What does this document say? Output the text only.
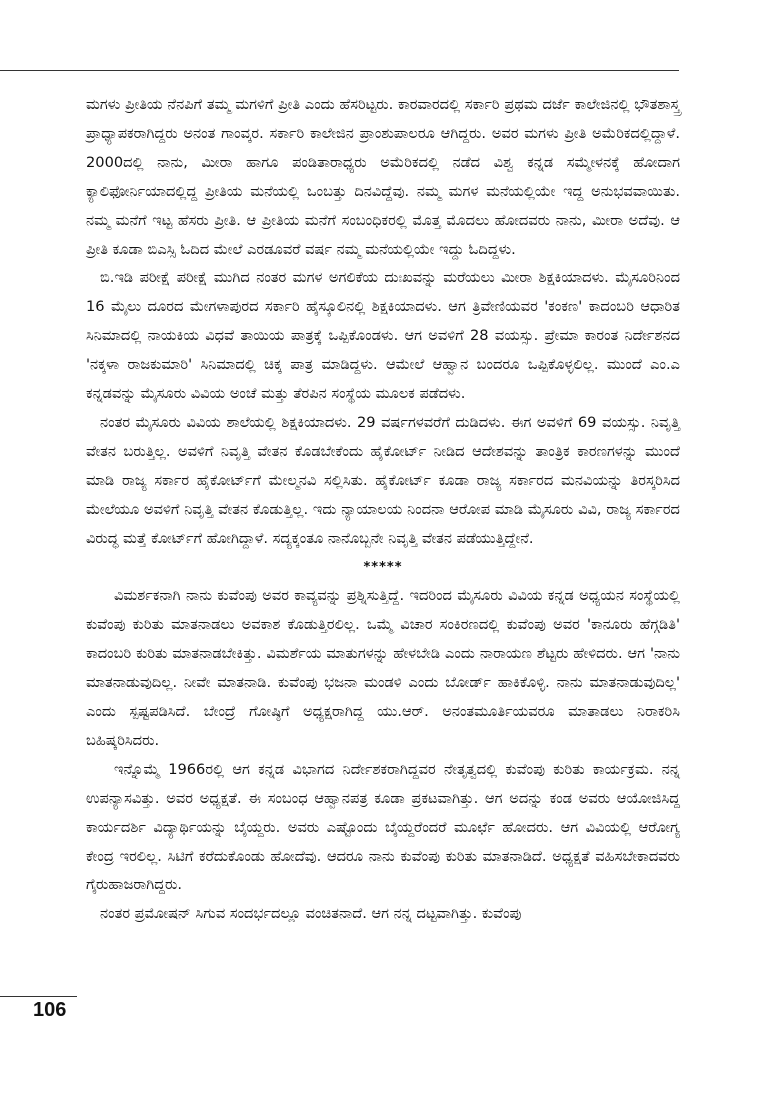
ಮಗಳು ಪ್ರೀತಿಯ ನೆನಪಿಗೆ ತಮ್ಮ ಮಗಳಿಗೆ ಪ್ರೀತಿ ಎಂದು ಹೆಸರಿಟ್ಟರು. ಕಾರವಾರದಲ್ಲಿ ಸರ್ಕಾರಿ ಪ್ರಥಮ ದರ್ಜೆ ಕಾಲೇಜಿನಲ್ಲಿ ಭೌತಶಾಸ್ತ್ರ ಪ್ರಾಧ್ಯಾಪಕರಾಗಿದ್ದರು ಅನಂತ ಗಾಂವ್ಕರ. ಸರ್ಕಾರಿ ಕಾಲೇಜಿನ ಪ್ರಾಂಶುಪಾಲರೂ ಆಗಿದ್ದರು. ಅವರ ಮಗಳು ಪ್ರೀತಿ ಅಮೆರಿಕದಲ್ಲಿದ್ದಾಳೆ. 2000ದಲ್ಲಿ ನಾನು, ಮೀರಾ ಹಾಗೂ ಪಂಡಿತಾರಾಧ್ಯರು ಅಮೆರಿಕದಲ್ಲಿ ನಡೆದ ವಿಶ್ವ ಕನ್ನಡ ಸಮ್ಮೇಳನಕ್ಕೆ ಹೋದಾಗ ಕ್ಯಾಲಿಫೋರ್ನಿಯಾದಲ್ಲಿದ್ದ ಪ್ರೀತಿಯ ಮನೆಯಲ್ಲಿ ಒಂಬತ್ತು ದಿನವಿದ್ದೆವು. ನಮ್ಮ ಮಗಳ ಮನೆಯಲ್ಲಿಯೇ ಇದ್ದ ಅನುಭವವಾಯಿತು. ನಮ್ಮ ಮನೆಗೆ ಇಟ್ಟ ಹೆಸರು ಪ್ರೀತಿ. ಆ ಪ್ರೀತಿಯ ಮನೆಗೆ ಸಂಬಂಧಿಕರಲ್ಲಿ ಮೊತ್ತ ಮೊದಲು ಹೋದವರು ನಾನು, ಮೀರಾ ಅದೆವು. ಆ ಪ್ರೀತಿ ಕೂಡಾ ಬಿಎಸ್ಸಿ ಓದಿದ ಮೇಲೆ ಎರಡೂವರೆ ವರ್ಷ ನಮ್ಮ ಮನೆಯಲ್ಲಿಯೇ ಇದ್ದು ಓದಿದ್ದಳು.

ಬಿ.ಇಡಿ ಪರೀಕ್ಷೆ ಪರೀಕ್ಷೆ ಮುಗಿದ ನಂತರ ಮಗಳ ಅಗಲಿಕೆಯ ದುಃಖವನ್ನು ಮರೆಯಲು ಮೀರಾ ಶಿಕ್ಷಕಿಯಾದಳು. ಮೈಸೂರಿನಿಂದ 16 ಮೈಲು ದೂರದ ಮೇಗಳಾಪುರದ ಸರ್ಕಾರಿ ಹೈಸ್ಕೂಲಿನಲ್ಲಿ ಶಿಕ್ಷಕಿಯಾದಳು. ಆಗ ತ್ರಿವೇಣಿಯವರ 'ಕಂಕಣ' ಕಾದಂಬರಿ ಆಧಾರಿತ ಸಿನಿಮಾದಲ್ಲಿ ನಾಯಕಿಯ ವಿಧವೆ ತಾಯಿಯ ಪಾತ್ರಕ್ಕೆ ಒಪ್ಪಿಕೊಂಡಳು. ಆಗ ಅವಳಿಗೆ 28 ವಯಸ್ಸು. ಪ್ರೇಮಾ ಕಾರಂತ ನಿರ್ದೇಶನದ 'ನಕ್ಕಳಾ ರಾಜಕುಮಾರಿ' ಸಿನಿಮಾದಲ್ಲಿ ಚಿಕ್ಕ ಪಾತ್ರ ಮಾಡಿದ್ದಳು. ಆಮೇಲೆ ಆಹ್ವಾನ ಬಂದರೂ ಒಪ್ಪಿಕೊಳ್ಳಲಿಲ್ಲ. ಮುಂದೆ ಎಂ.ಎ ಕನ್ನಡವನ್ನು ಮೈಸೂರು ವಿವಿಯ ಅಂಚೆ ಮತ್ತು ತೆರಪಿನ ಸಂಸ್ಥೆಯ ಮೂಲಕ ಪಡೆದಳು.

ನಂತರ ಮೈಸೂರು ವಿವಿಯ ಶಾಲೆಯಲ್ಲಿ ಶಿಕ್ಷಕಿಯಾದಳು. 29 ವರ್ಷಗಳವರೆಗೆ ದುಡಿದಳು. ಈಗ ಅವಳಿಗೆ 69 ವಯಸ್ಸು. ನಿವೃತ್ತಿ ವೇತನ ಬರುತ್ತಿಲ್ಲ. ಅವಳಿಗೆ ನಿವೃತ್ತಿ ವೇತನ ಕೊಡಬೇಕೆಂದು ಹೈಕೋರ್ಟ್ ನೀಡಿದ ಆದೇಶವನ್ನು ತಾಂತ್ರಿಕ ಕಾರಣಗಳನ್ನು ಮುಂದೆ ಮಾಡಿ ರಾಜ್ಯ ಸರ್ಕಾರ ಹೈಕೋರ್ಟ್‌ಗೆ ಮೇಲ್ಮನವಿ ಸಲ್ಲಿಸಿತು. ಹೈಕೋರ್ಟ್ ಕೂಡಾ ರಾಜ್ಯ ಸರ್ಕಾರದ ಮನವಿಯನ್ನು ತಿರಸ್ಕರಿಸಿದ ಮೇಲೆಯೂ ಅವಳಿಗೆ ನಿವೃತ್ತಿ ವೇತನ ಕೊಡುತ್ತಿಲ್ಲ. ಇದು ನ್ಯಾಯಾಲಯ ನಿಂದನಾ ಆರೋಪ ಮಾಡಿ ಮೈಸೂರು ವಿವಿ, ರಾಜ್ಯ ಸರ್ಕಾರದ ವಿರುದ್ಧ ಮತ್ತೆ ಕೋರ್ಟ್‌ಗೆ ಹೋಗಿದ್ದಾಳೆ. ಸದ್ಯಕ್ಕಂತೂ ನಾನೊಬ್ಬನೇ ನಿವೃತ್ತಿ ವೇತನ ಪಡೆಯುತ್ತಿದ್ದೇನೆ.

*****

ವಿಮರ್ಶಕನಾಗಿ ನಾನು ಕುವೆಂಪು ಅವರ ಕಾವ್ಯವನ್ನು ಪ್ರಶ್ನಿಸುತ್ತಿದ್ದೆ. ಇದರಿಂದ ಮೈಸೂರು ವಿವಿಯ ಕನ್ನಡ ಅಧ್ಯಯನ ಸಂಸ್ಥೆಯಲ್ಲಿ ಕುವೆಂಪು ಕುರಿತು ಮಾತನಾಡಲು ಅವಕಾಶ ಕೊಡುತ್ತಿರಲಿಲ್ಲ. ಒಮ್ಮೆ ವಿಚಾರ ಸಂಕಿರಣದಲ್ಲಿ ಕುವೆಂಪು ಅವರ 'ಕಾನೂರು ಹೆಗ್ಗಡಿತಿ' ಕಾದಂಬರಿ ಕುರಿತು ಮಾತನಾಡಬೇಕಿತ್ತು. ವಿಮರ್ಶೆಯ ಮಾತುಗಳನ್ನು ಹೇಳಬೇಡಿ ಎಂದು ನಾರಾಯಣ ಶೆಟ್ಟರು ಹೇಳಿದರು. ಆಗ 'ನಾನು ಮಾತನಾಡುವುದಿಲ್ಲ. ನೀವೇ ಮಾತನಾಡಿ. ಕುವೆಂಪು ಭಜನಾ ಮಂಡಳಿ ಎಂದು ಬೋರ್ಡ್ ಹಾಕಿಕೊಳ್ಳಿ. ನಾನು ಮಾತನಾಡುವುದಿಲ್ಲ' ಎಂದು ಸ್ಪಷ್ಟಪಡಿಸಿದೆ. ಬೇಂದ್ರೆ ಗೋಷ್ಠಿಗೆ ಅಧ್ಯಕ್ಷರಾಗಿದ್ದ ಯು.ಆರ್. ಅನಂತಮೂರ್ತಿಯವರೂ ಮಾತಾಡಲು ನಿರಾಕರಿಸಿ ಬಹಿಷ್ಕರಿಸಿದರು.

ಇನ್ನೊಮ್ಮೆ 1966ರಲ್ಲಿ ಆಗ ಕನ್ನಡ ವಿಭಾಗದ ನಿರ್ದೇಶಕರಾಗಿದ್ದವರ ನೇತೃತ್ವದಲ್ಲಿ ಕುವೆಂಪು ಕುರಿತು ಕಾರ್ಯಕ್ರಮ. ನನ್ನ ಉಪನ್ಯಾಸವಿತ್ತು. ಅವರ ಅಧ್ಯಕ್ಷತೆ. ಈ ಸಂಬಂಧ ಆಹ್ವಾನಪತ್ರ ಕೂಡಾ ಪ್ರಕಟವಾಗಿತ್ತು. ಆಗ ಅದನ್ನು ಕಂಡ ಅವರು ಆಯೋಜಿಸಿದ್ದ ಕಾರ್ಯದರ್ಶಿ ವಿದ್ಯಾರ್ಥಿಯನ್ನು ಬೈಯ್ದರು. ಅವರು ಎಷ್ಟೊಂದು ಬೈಯ್ದರೆಂದರೆ ಮೂರ್ಛೆ ಹೋದರು. ಆಗ ವಿವಿಯಲ್ಲಿ ಆರೋಗ್ಯ ಕೇಂದ್ರ ಇರಲಿಲ್ಲ. ಸಿಟಿಗೆ ಕರೆದುಕೊಂಡು ಹೋದೆವು. ಆದರೂ ನಾನು ಕುವೆಂಪು ಕುರಿತು ಮಾತನಾಡಿದೆ. ಅಧ್ಯಕ್ಷತೆ ವಹಿಸಬೇಕಾದವರು ಗೈರುಹಾಜರಾಗಿದ್ದರು.

ನಂತರ ಪ್ರಮೋಷನ್ ಸಿಗುವ ಸಂದರ್ಭದಲ್ಲೂ ವಂಚಿತನಾದೆ. ಆಗ ನನ್ನ ದಟ್ಟವಾಗಿತ್ತು. ಕುವೆಂಪು

106
